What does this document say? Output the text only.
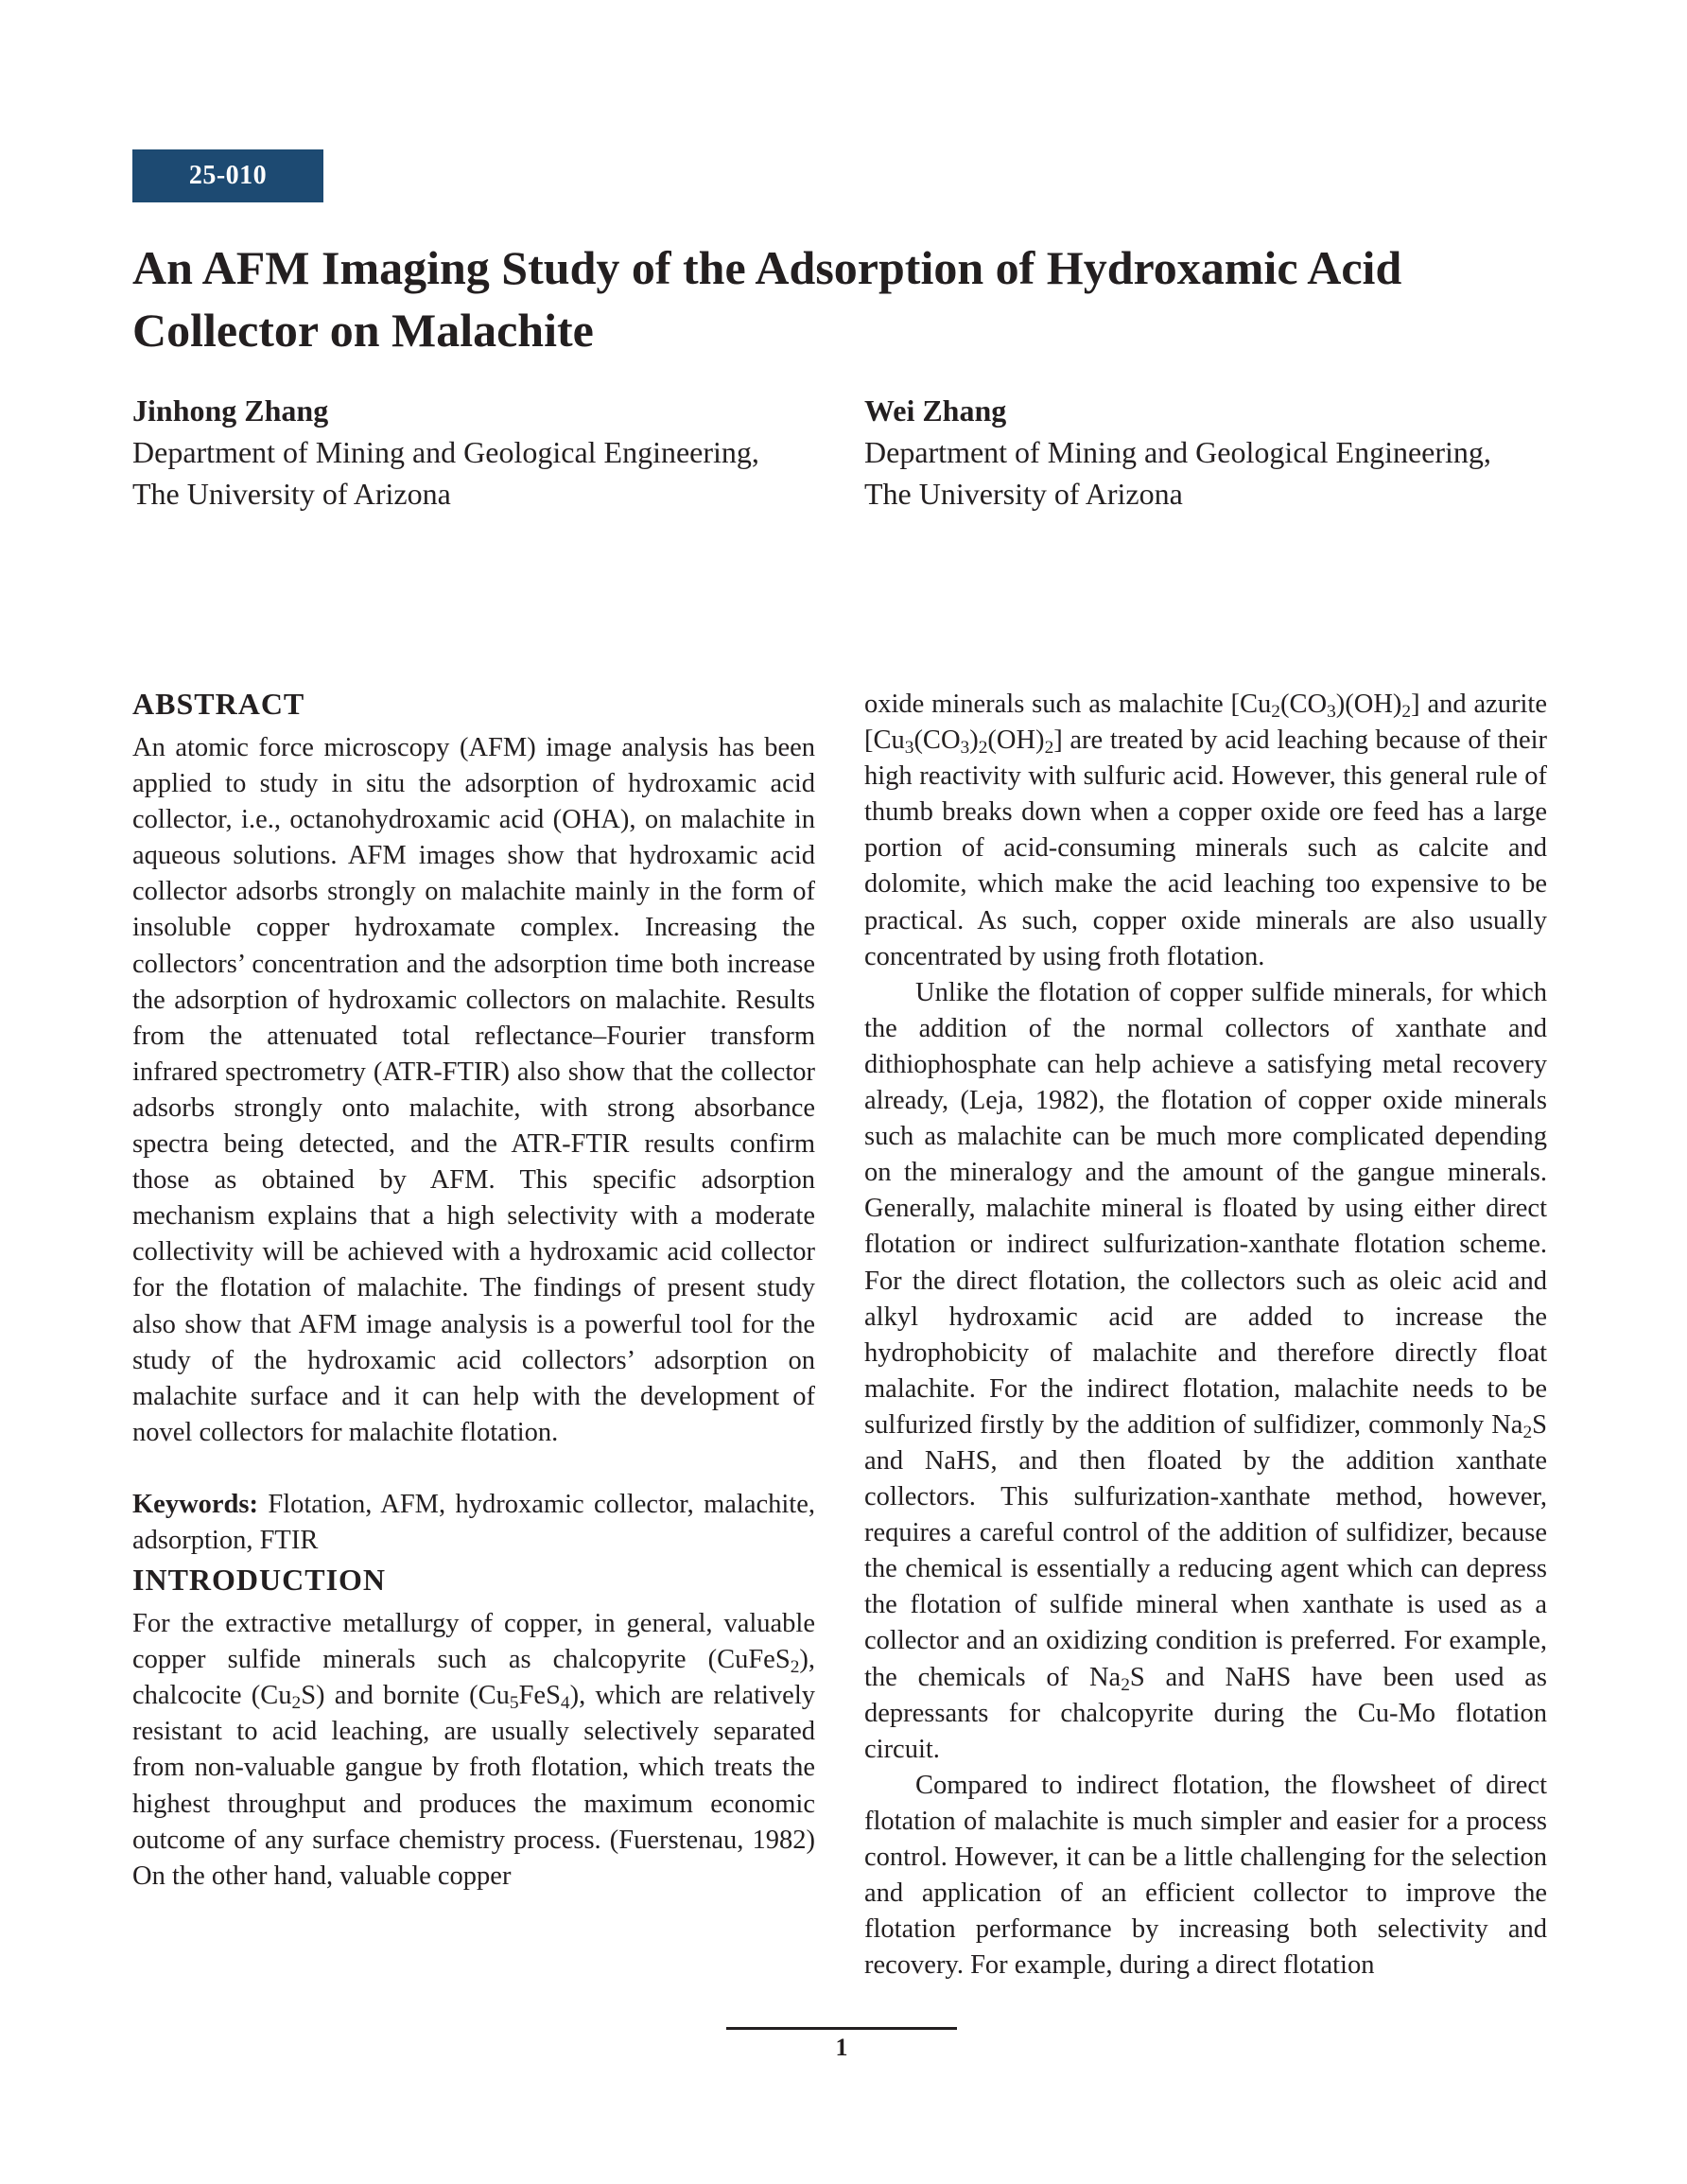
25-010
An AFM Imaging Study of the Adsorption of Hydroxamic Acid Collector on Malachite
Jinhong Zhang
Department of Mining and Geological Engineering,
The University of Arizona
Wei Zhang
Department of Mining and Geological Engineering,
The University of Arizona
ABSTRACT

An atomic force microscopy (AFM) image analysis has been applied to study in situ the adsorption of hydroxamic acid collector, i.e., octanohydroxamic acid (OHA), on malachite in aqueous solutions. AFM images show that hydroxamic acid collector adsorbs strongly on malachite mainly in the form of insoluble copper hydroxamate complex. Increasing the collectors’ concentration and the adsorption time both increase the adsorption of hydroxamic collectors on malachite. Results from the attenuated total reflectance–Fourier transform infrared spectrometry (ATR-FTIR) also show that the collector adsorbs strongly onto malachite, with strong absorbance spectra being detected, and the ATR-FTIR results confirm those as obtained by AFM. This specific adsorption mechanism explains that a high selectivity with a moderate collectivity will be achieved with a hydroxamic acid collector for the flotation of malachite. The findings of present study also show that AFM image analysis is a powerful tool for the study of the hydroxamic acid collectors’ adsorption on malachite surface and it can help with the development of novel collectors for malachite flotation.

Keywords: Flotation, AFM, hydroxamic collector, malachite, adsorption, FTIR

INTRODUCTION

For the extractive metallurgy of copper, in general, valuable copper sulfide minerals such as chalcopyrite (CuFeS$_2$), chalcocite $(Cu_2S)$ and bornite $(Cu_5FeS_4)$, which are relatively resistant to acid leaching, are usually selectively separated from non-valuable gangue by froth flotation, which treats the highest throughput and produces the maximum economic outcome of any surface chemistry process. (Fuerstenau, 1982) On the other hand, valuable copper

oxide minerals such as malachite $[Cu_2(CO_3)(OH)_2]$ and azurite $[Cu_3(CO_3)_2(OH)_2]$ are treated by acid leaching because of their high reactivity with sulfuric acid. However, this general rule of thumb breaks down when a copper oxide ore feed has a large portion of acid-consuming minerals such as calcite and dolomite, which make the acid leaching too expensive to be practical. As such, copper oxide minerals are also usually concentrated by using froth flotation.

Unlike the flotation of copper sulfide minerals, for which the addition of the normal collectors of xanthate and dithiophosphate can help achieve a satisfying metal recovery already, (Leja, 1982), the flotation of copper oxide minerals such as malachite can be much more complicated depending on the mineralogy and the amount of the gangue minerals. Generally, malachite mineral is floated by using either direct flotation or indirect sulfurization-xanthate flotation scheme. For the direct flotation, the collectors such as oleic acid and alkyl hydroxamic acid are added to increase the hydrophobicity of malachite and therefore directly float malachite. For the indirect flotation, malachite needs to be sulfurized firstly by the addition of sulfidizer, commonly $Na_2S$ and NaHS, and then floated by the addition xanthate collectors. This sulfurization-xanthate method, however, requires a careful control of the addition of sulfidizer, because the chemical is essentially a reducing agent which can depress the flotation of sulfide mineral when xanthate is used as a collector and an oxidizing condition is preferred. For example, the chemicals of $Na_2S$ and NaHS have been used as depressants for chalcopyrite during the Cu-Mo flotation circuit.

Compared to indirect flotation, the flowsheet of direct flotation of malachite is much simpler and easier for a process control. However, it can be a little challenging for the selection and application of an efficient collector to improve the flotation performance by increasing both selectivity and recovery. For example, during a direct flotation

1
